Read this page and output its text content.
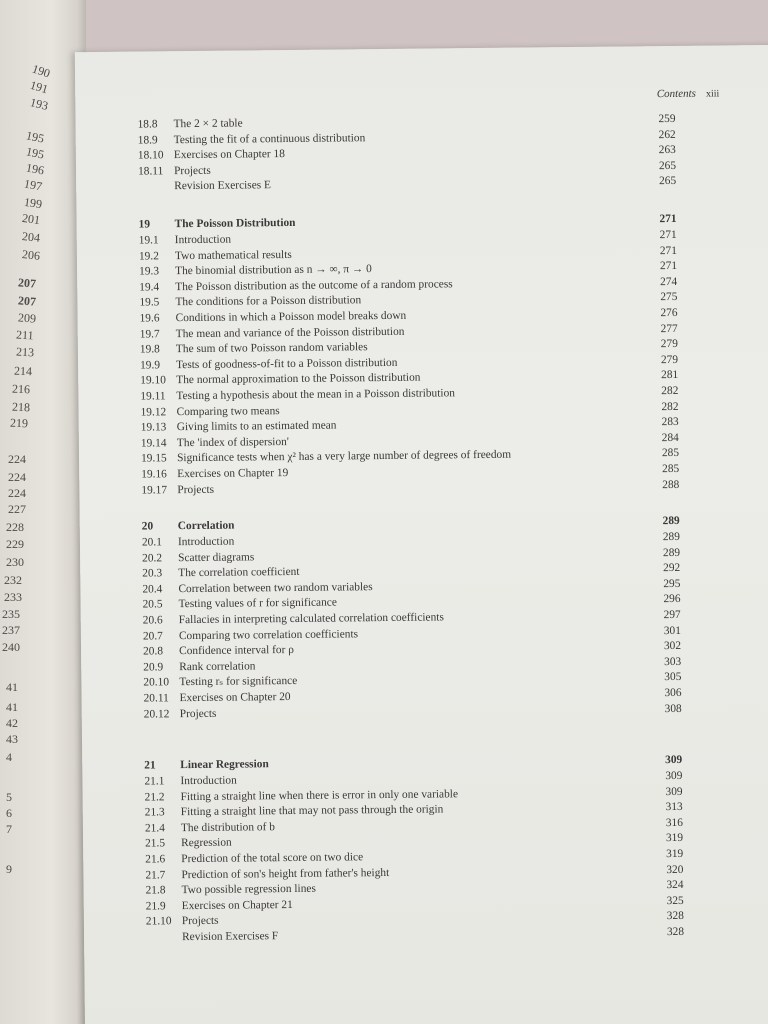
190
191
193
195
195
196
197
199
201
204
206
207
207
209
211
213
214
216
218
219
224
224
224
227
228
229
230
232
233
235
237
240
41
41
42
43
4
5
6
7
9
Contents xiii
18.8 The 2 × 2 table	259
18.9 Testing the fit of a continuous distribution	262
18.10 Exercises on Chapter 18	263
18.11 Projects	265
Revision Exercises E	265
19 The Poisson Distribution	271
19.1 Introduction	271
19.2 Two mathematical results	271
19.3 The binomial distribution as n → ∞, π → 0	271
19.4 The Poisson distribution as the outcome of a random process	274
19.5 The conditions for a Poisson distribution	275
19.6 Conditions in which a Poisson model breaks down	276
19.7 The mean and variance of the Poisson distribution	277
19.8 The sum of two Poisson random variables	279
19.9 Tests of goodness-of-fit to a Poisson distribution	279
19.10 The normal approximation to the Poisson distribution	281
19.11 Testing a hypothesis about the mean in a Poisson distribution	282
19.12 Comparing two means	282
19.13 Giving limits to an estimated mean	283
19.14 The 'index of dispersion'	284
19.15 Significance tests when χ² has a very large number of degrees of freedom	285
19.16 Exercises on Chapter 19	285
19.17 Projects	288
20 Correlation	289
20.1 Introduction	289
20.2 Scatter diagrams	289
20.3 The correlation coefficient	292
20.4 Correlation between two random variables	295
20.5 Testing values of r for significance	296
20.6 Fallacies in interpreting calculated correlation coefficients	297
20.7 Comparing two correlation coefficients	301
20.8 Confidence interval for ρ	302
20.9 Rank correlation	303
20.10 Testing rₛ for significance	305
20.11 Exercises on Chapter 20	306
20.12 Projects	308
21 Linear Regression	309
21.1 Introduction	309
21.2 Fitting a straight line when there is error in only one variable	309
21.3 Fitting a straight line that may not pass through the origin	313
21.4 The distribution of b	316
21.5 Regression	319
21.6 Prediction of the total score on two dice	319
21.7 Prediction of son's height from father's height	320
21.8 Two possible regression lines	324
21.9 Exercises on Chapter 21	325
21.10 Projects	328
Revision Exercises F	328
